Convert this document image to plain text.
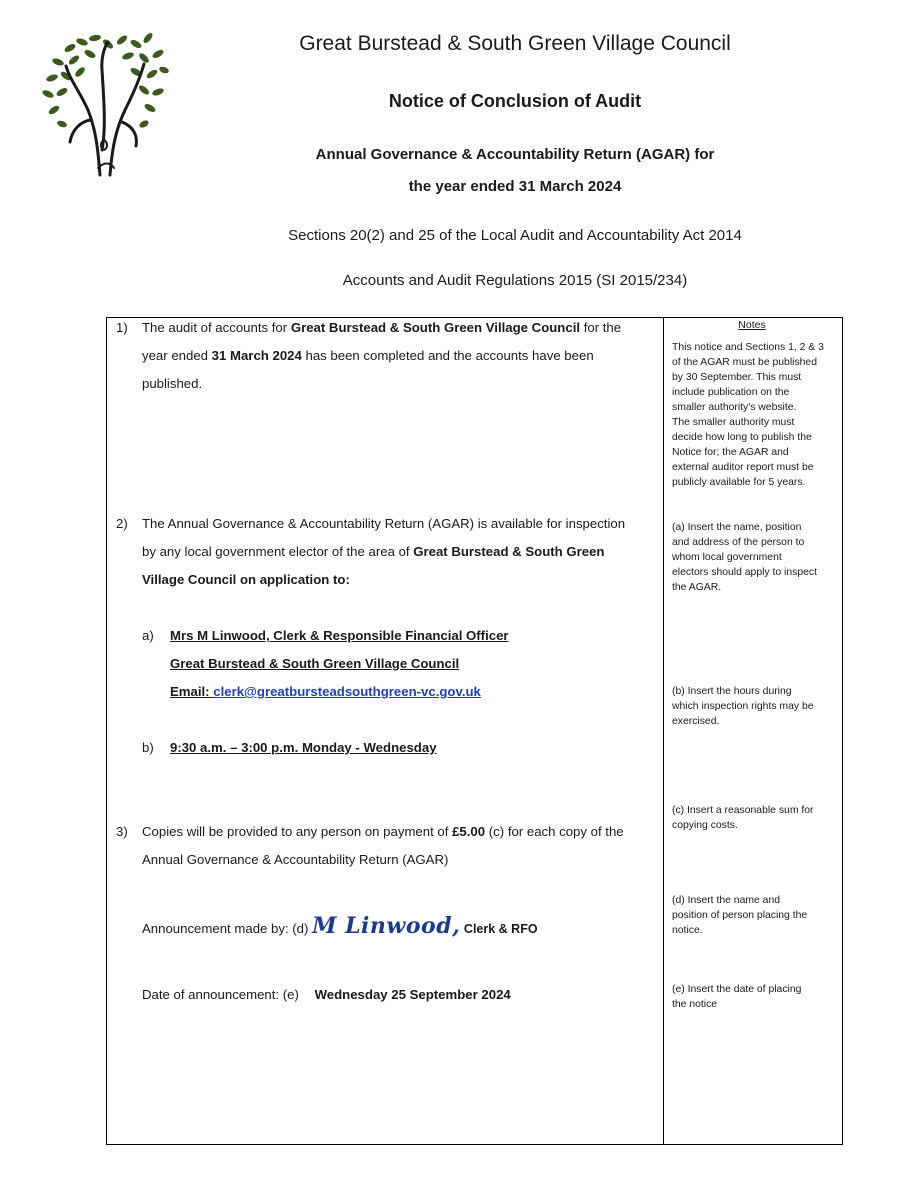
Great Burstead & South Green Village Council
Notice of Conclusion of Audit
Annual Governance & Accountability Return (AGAR) for
the year ended 31 March 2024
Sections 20(2) and 25 of the Local Audit and Accountability Act 2014
Accounts and Audit Regulations 2015 (SI 2015/234)
1) The audit of accounts for Great Burstead & South Green Village Council for the
year ended 31 March 2024 has been completed and the accounts have been
published.
2) The Annual Governance & Accountability Return (AGAR) is available for inspection
by any local government elector of the area of Great Burstead & South Green
Village Council on application to:
a) Mrs M Linwood, Clerk & Responsible Financial Officer
Great Burstead & South Green Village Council
Email: clerk@greatbursteadsouthgreen-vc.gov.uk
b) 9:30 a.m. – 3:00 p.m. Monday - Wednesday
3) Copies will be provided to any person on payment of £5.00 (c) for each copy of the
Annual Governance & Accountability Return (AGAR)
Announcement made by: (d) M Linwood, Clerk & RFO
Date of announcement: (e) Wednesday 25 September 2024
Notes
This notice and Sections 1, 2 & 3
of the AGAR must be published
by 30 September. This must
include publication on the
smaller authority's website.
The smaller authority must
decide how long to publish the
Notice for; the AGAR and
external auditor report must be
publicly available for 5 years.
(a) Insert the name, position
and address of the person to
whom local government
electors should apply to inspect
the AGAR.
(b) Insert the hours during
which inspection rights may be
exercised.
(c) Insert a reasonable sum for
copying costs.
(d) Insert the name and
position of person placing the
notice.
(e) Insert the date of placing
the notice
